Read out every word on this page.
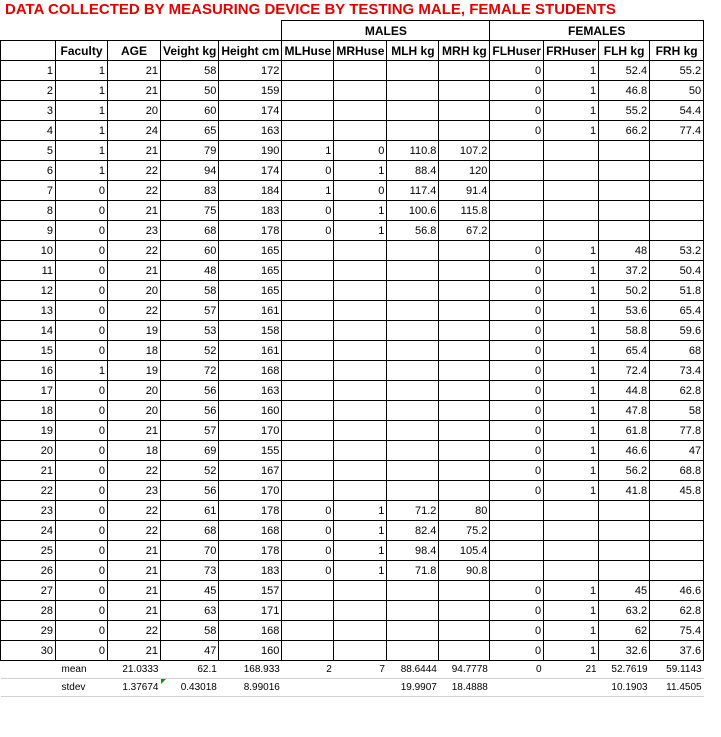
DATA COLLECTED BY MEASURING DEVICE BY TESTING MALE, FEMALE STUDENTS
					MALES				FEMALES			
	Faculty	AGE	Veight kg	Height cm	MLHuse	MRHuse	MLH kg	MRH kg	FLHuser	FRHuser	FLH kg	FRH kg
1	1	21	58	172					0	1	52.4	55.2
2	1	21	50	159					0	1	46.8	50
3	1	20	60	174					0	1	55.2	54.4
4	1	24	65	163					0	1	66.2	77.4
5	1	21	79	190	1	0	110.8	107.2				
6	1	22	94	174	0	1	88.4	120				
7	0	22	83	184	1	0	117.4	91.4				
8	0	21	75	183	0	1	100.6	115.8				
9	0	23	68	178	0	1	56.8	67.2				
10	0	22	60	165					0	1	48	53.2
11	0	21	48	165					0	1	37.2	50.4
12	0	20	58	165					0	1	50.2	51.8
13	0	22	57	161					0	1	53.6	65.4
14	0	19	53	158					0	1	58.8	59.6
15	0	18	52	161					0	1	65.4	68
16	1	19	72	168					0	1	72.4	73.4
17	0	20	56	163					0	1	44.8	62.8
18	0	20	56	160					0	1	47.8	58
19	0	21	57	170					0	1	61.8	77.8
20	0	18	69	155					0	1	46.6	47
21	0	22	52	167					0	1	56.2	68.8
22	0	23	56	170					0	1	41.8	45.8
23	0	22	61	178	0	1	71.2	80				
24	0	22	68	168	0	1	82.4	75.2				
25	0	21	70	178	0	1	98.4	105.4				
26	0	21	73	183	0	1	71.8	90.8				
27	0	21	45	157					0	1	45	46.6
28	0	21	63	171					0	1	63.2	62.8
29	0	22	58	168					0	1	62	75.4
30	0	21	47	160					0	1	32.6	37.6
	mean	21.0333	62.1	168.933	2	7	88.6444	94.7778	0	21	52.7619	59.1143
	stdev	1.37674	0.43018	8.99016			19.9907	18.4888			10.1903	11.4505
